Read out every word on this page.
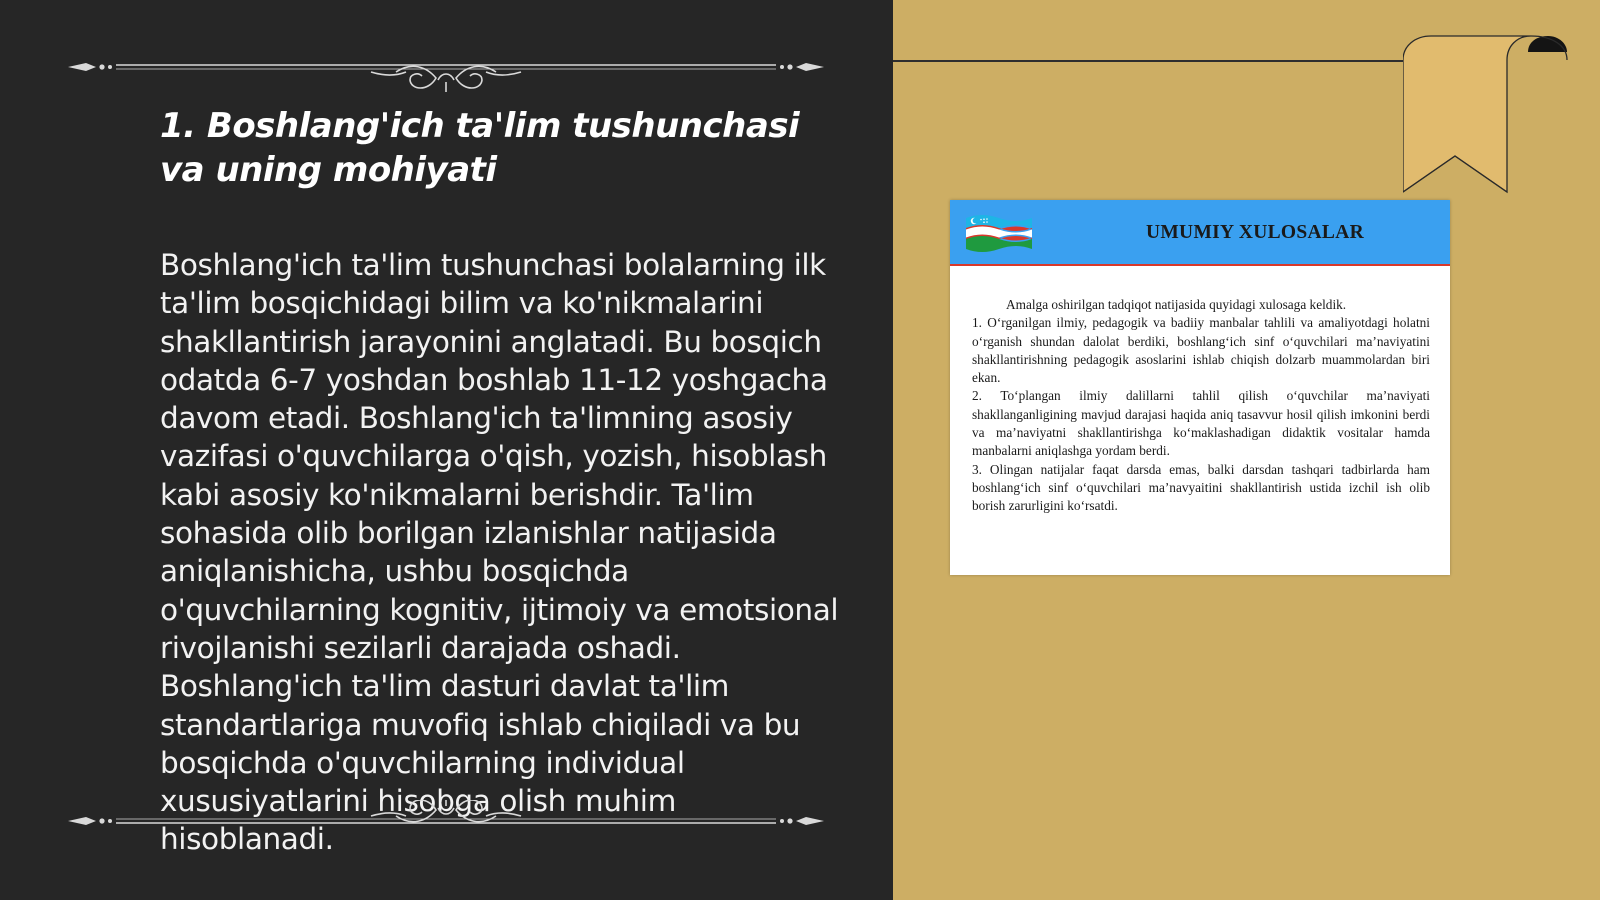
1. Boshlang'ich ta'lim tushunchasi va uning mohiyati

Boshlang'ich ta'lim tushunchasi bolalarning ilk ta'lim bosqichidagi bilim va ko'nikmalarini shakllantirish jarayonini anglatadi. Bu bosqich odatda 6-7 yoshdan boshlab 11-12 yoshgacha davom etadi. Boshlang'ich ta'limning asosiy vazifasi o'quvchilarga o'qish, yozish, hisoblash kabi asosiy ko'nikmalarni berishdir. Ta'lim sohasida olib borilgan izlanishlar natijasida aniqlanishicha, ushbu bosqichda o'quvchilarning kognitiv, ijtimoiy va emotsional rivojlanishi sezilarli darajada oshadi. Boshlang'ich ta'lim dasturi davlat ta'lim standartlariga muvofiq ishlab chiqiladi va bu bosqichda o'quvchilarning individual xususiyatlarini hisobga olish muhim hisoblanadi.

UMUMIY XULOSALAR

Amalga oshirilgan tadqiqot natijasida quyidagi xulosaga keldik.

1. O‘rganilgan ilmiy, pedagogik va badiiy manbalar tahlili va amaliyotdagi holatni o‘rganish shundan dalolat berdiki, boshlang‘ich sinf o‘quvchilari ma’naviyatini shakllantirishning pedagogik asoslarini ishlab chiqish dolzarb muammolardan biri ekan.

2. To‘plangan ilmiy dalillarni tahlil qilish o‘quvchilar ma’naviyati shakllanganligining mavjud darajasi haqida aniq tasavvur hosil qilish imkonini berdi va ma’naviyatni shakllantirishga ko‘maklashadigan didaktik vositalar hamda manbalarni aniqlashga yordam berdi.

3. Olingan natijalar faqat darsda emas, balki darsdan tashqari tadbirlarda ham boshlang‘ich sinf o‘quvchilari ma’navyaitini shakllantirish ustida izchil ish olib borish zarurligini ko‘rsatdi.
